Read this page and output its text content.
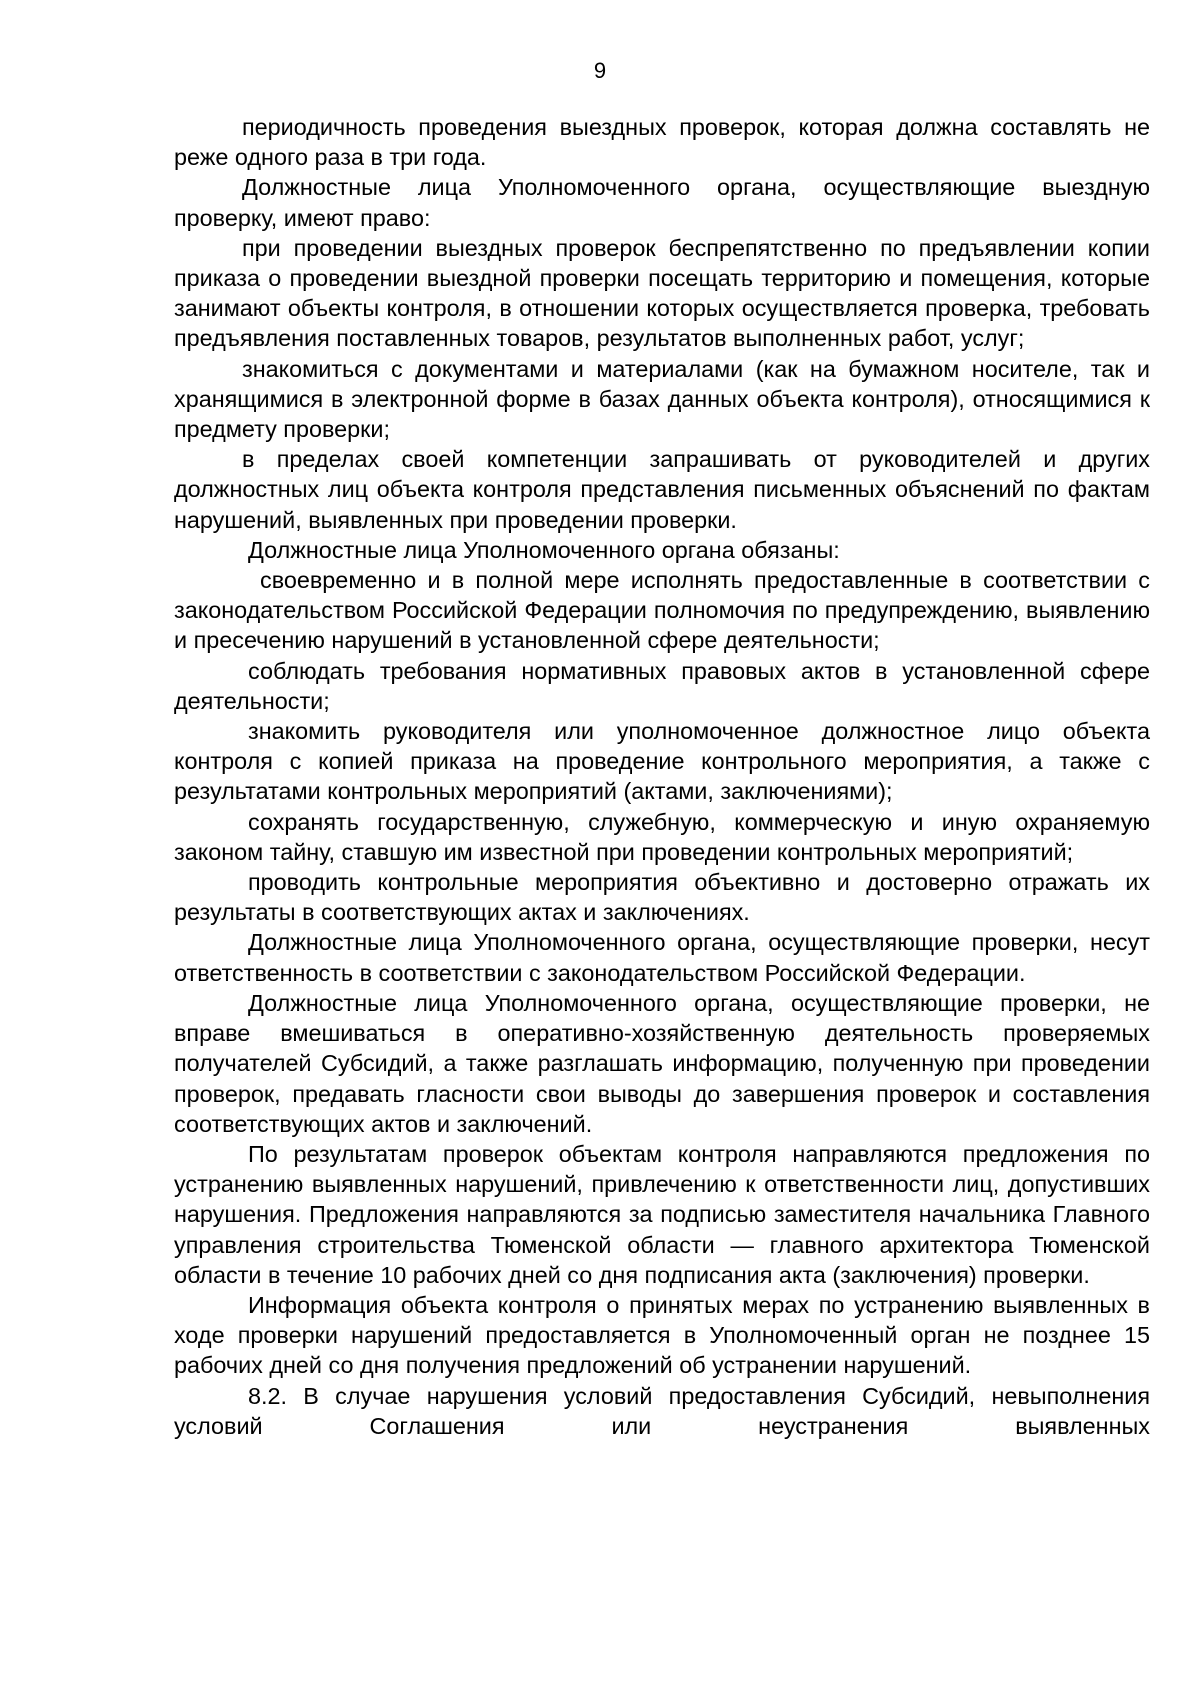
9

периодичность проведения выездных проверок, которая должна составлять не реже одного раза в три года.

Должностные лица Уполномоченного органа, осуществляющие выездную проверку, имеют право:

при проведении выездных проверок беспрепятственно по предъявлении копии приказа о проведении выездной проверки посещать территорию и помещения, которые занимают объекты контроля, в отношении которых осуществляется проверка, требовать предъявления поставленных товаров, результатов выполненных работ, услуг;

знакомиться с документами и материалами (как на бумажном носителе, так и хранящимися в электронной форме в базах данных объекта контроля), относящимися к предмету проверки;

в пределах своей компетенции запрашивать от руководителей и других должностных лиц объекта контроля представления письменных объяснений по фактам нарушений, выявленных при проведении проверки.

Должностные лица Уполномоченного органа обязаны:

своевременно и в полной мере исполнять предоставленные в соответствии с законодательством Российской Федерации полномочия по предупреждению, выявлению и пресечению нарушений в установленной сфере деятельности;

соблюдать требования нормативных правовых актов в установленной сфере деятельности;

знакомить руководителя или уполномоченное должностное лицо объекта контроля с копией приказа на проведение контрольного мероприятия, а также с результатами контрольных мероприятий (актами, заключениями);

сохранять государственную, служебную, коммерческую и иную охраняемую законом тайну, ставшую им известной при проведении контрольных мероприятий;

проводить контрольные мероприятия объективно и достоверно отражать их результаты в соответствующих актах и заключениях.

Должностные лица Уполномоченного органа, осуществляющие проверки, несут ответственность в соответствии с законодательством Российской Федерации.

Должностные лица Уполномоченного органа, осуществляющие проверки, не вправе вмешиваться в оперативно-хозяйственную деятельность проверяемых получателей Субсидий, а также разглашать информацию, полученную при проведении проверок, предавать гласности свои выводы до завершения проверок и составления соответствующих актов и заключений.

По результатам проверок объектам контроля направляются предложения по устранению выявленных нарушений, привлечению к ответственности лиц, допустивших нарушения. Предложения направляются за подписью заместителя начальника Главного управления строительства Тюменской области — главного архитектора Тюменской области в течение 10 рабочих дней со дня подписания акта (заключения) проверки.

Информация объекта контроля о принятых мерах по устранению выявленных в ходе проверки нарушений предоставляется в Уполномоченный орган не позднее 15 рабочих дней со дня получения предложений об устранении нарушений.

8.2. В случае нарушения условий предоставления Субсидий, невыполнения условий Соглашения или неустранения выявленных
